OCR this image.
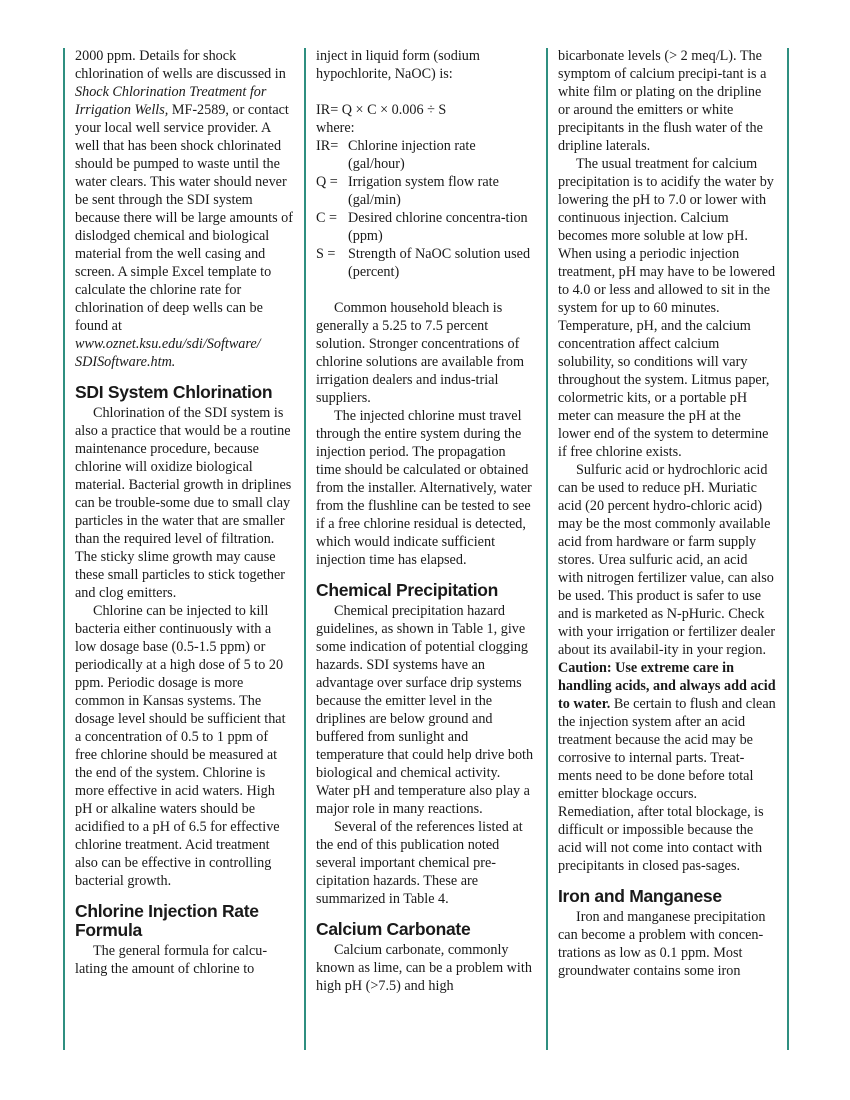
2000 ppm. Details for shock chlorination of wells are discussed in Shock Chlorination Treatment for Irrigation Wells, MF-2589, or contact your local well service provider. A well that has been shock chlorinated should be pumped to waste until the water clears. This water should never be sent through the SDI system because there will be large amounts of dislodged chemical and biological material from the well casing and screen. A simple Excel template to calculate the chlorine rate for chlorination of deep wells can be found at www.oznet.ksu.edu/sdi/Software/ SDISoftware.htm.

SDI System Chlorination

Chlorination of the SDI system is also a practice that would be a routine maintenance procedure, because chlorine will oxidize biological material. Bacterial growth in driplines can be trouble-some due to small clay particles in the water that are smaller than the required level of filtration. The sticky slime growth may cause these small particles to stick together and clog emitters.

Chlorine can be injected to kill bacteria either continuously with a low dosage base (0.5-1.5 ppm) or periodically at a high dose of 5 to 20 ppm. Periodic dosage is more common in Kansas systems. The dosage level should be sufficient that a concentration of 0.5 to 1 ppm of free chlorine should be measured at the end of the system. Chlorine is more effective in acid waters. High pH or alkaline waters should be acidified to a pH of 6.5 for effective chlorine treatment. Acid treatment also can be effective in controlling bacterial growth.

Chlorine Injection Rate Formula

The general formula for calcu-lating the amount of chlorine to

inject in liquid form (sodium hypochlorite, NaOC) is:

IR= Q × C × 0.006 ÷ S

where:

IR= Chlorine injection rate (gal/hour)
Q = Irrigation system flow rate (gal/min)
C = Desired chlorine concentra-tion (ppm)
S = Strength of NaOC solution used (percent)

Common household bleach is generally a 5.25 to 7.5 percent solution. Stronger concentrations of chlorine solutions are available from irrigation dealers and indus-trial suppliers.

The injected chlorine must travel through the entire system during the injection period. The propagation time should be calculated or obtained from the installer. Alternatively, water from the flushline can be tested to see if a free chlorine residual is detected, which would indicate sufficient injection time has elapsed.

Chemical Precipitation

Chemical precipitation hazard guidelines, as shown in Table 1, give some indication of potential clogging hazards. SDI systems have an advantage over surface drip systems because the emitter level in the driplines are below ground and buffered from sunlight and temperature that could help drive both biological and chemical activity. Water pH and temperature also play a major role in many reactions.

Several of the references listed at the end of this publication noted several important chemical pre-cipitation hazards. These are summarized in Table 4.

Calcium Carbonate

Calcium carbonate, commonly known as lime, can be a problem with high pH (>7.5) and high

bicarbonate levels (> 2 meq/L). The symptom of calcium precipi-tant is a white film or plating on the dripline or around the emitters or white precipitants in the flush water of the dripline laterals.

The usual treatment for calcium precipitation is to acidify the water by lowering the pH to 7.0 or lower with continuous injection. Calcium becomes more soluble at low pH. When using a periodic injection treatment, pH may have to be lowered to 4.0 or less and allowed to sit in the system for up to 60 minutes. Temperature, pH, and the calcium concentration affect calcium solubility, so conditions will vary throughout the system. Litmus paper, colormetric kits, or a portable pH meter can measure the pH at the lower end of the system to determine if free chlorine exists.

Sulfuric acid or hydrochloric acid can be used to reduce pH. Muriatic acid (20 percent hydro-chloric acid) may be the most commonly available acid from hardware or farm supply stores. Urea sulfuric acid, an acid with nitrogen fertilizer value, can also be used. This product is safer to use and is marketed as N-pHuric. Check with your irrigation or fertilizer dealer about its availabil-ity in your region. Caution: Use extreme care in handling acids, and always add acid to water. Be certain to flush and clean the injection system after an acid treatment because the acid may be corrosive to internal parts. Treat-ments need to be done before total emitter blockage occurs. Remediation, after total blockage, is difficult or impossible because the acid will not come into contact with precipitants in closed pas-sages.

Iron and Manganese

Iron and manganese precipitation can become a problem with concen-trations as low as 0.1 ppm. Most groundwater contains some iron
